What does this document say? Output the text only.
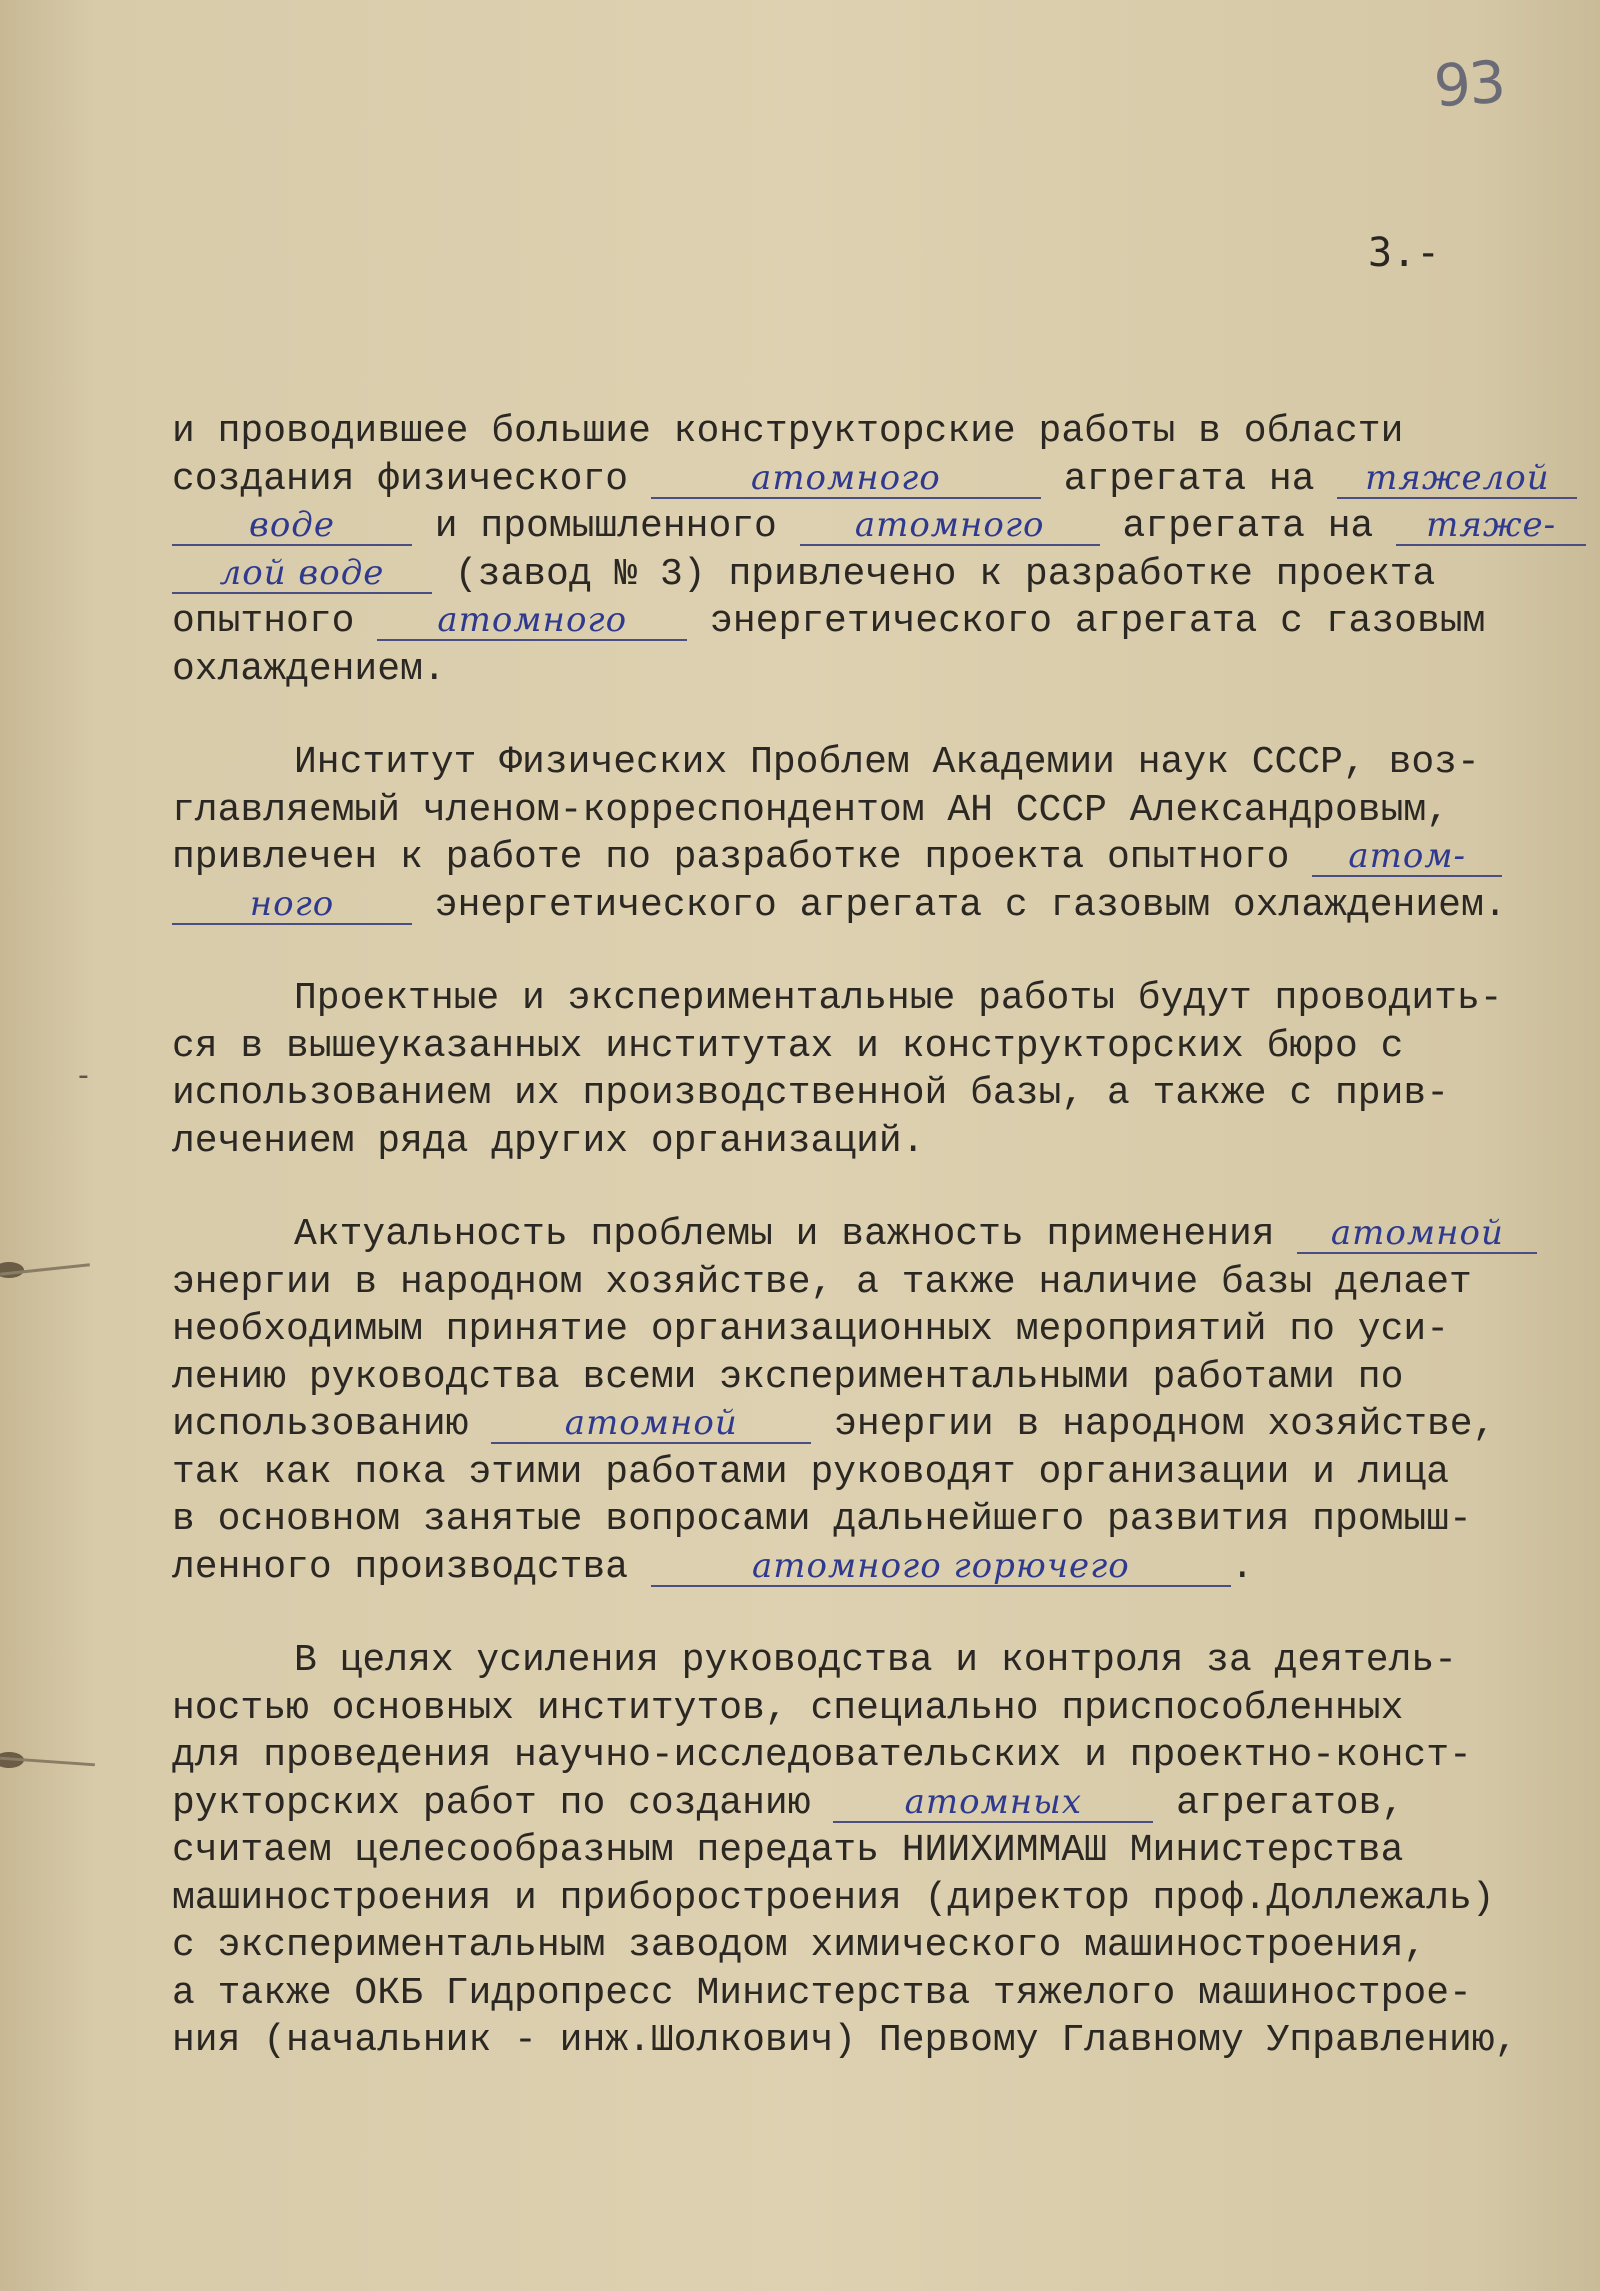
-
93
3.-
и проводившее большие конструкторские работы в области
создания физического	атомного	агрегата на тяжелой
воде и промышленного атомного агрегата на тяже-
лой воде (завод № 3) привлечено к разработке проекта
опытного атомного энергетического агрегата с газовым
охлаждением.
Институт Физических Проблем Академии наук СССР, воз-
главляемый членом-корреспондентом АН СССР Александровым,
привлечен к работе по разработке проекта опытного атом-
ного энергетического агрегата с газовым охлаждением.
Проектные и экспериментальные работы будут проводить-
ся в вышеуказанных институтах и конструкторских бюро с
использованием их производственной базы, а также с прив-
лечением ряда других организаций.
Актуальность проблемы и важность применения атомной
энергии в народном хозяйстве, а также наличие базы делает
необходимым принятие организационных мероприятий по уси-
лению руководства всеми экспериментальными работами по
использованию атомной энергии в народном хозяйстве,
так как пока этими работами руководят организации и лица
в основном занятые вопросами дальнейшего развития промыш-
ленного производства	атомного горючего	.
В целях усиления руководства и контроля за деятель-
ностью основных институтов, специально приспособленных
для проведения научно-исследовательских и проектно-конст-
рукторских работ по созданию атомных агрегатов,
считаем целесообразным передать НИИХИММАШ Министерства
машиностроения и приборостроения (директор проф.Доллежаль)
с экспериментальным заводом химического машиностроения,
а также ОКБ Гидропресс Министерства тяжелого машинострое-
ния (начальник - инж.Шолкович) Первому Главному Управлению,
